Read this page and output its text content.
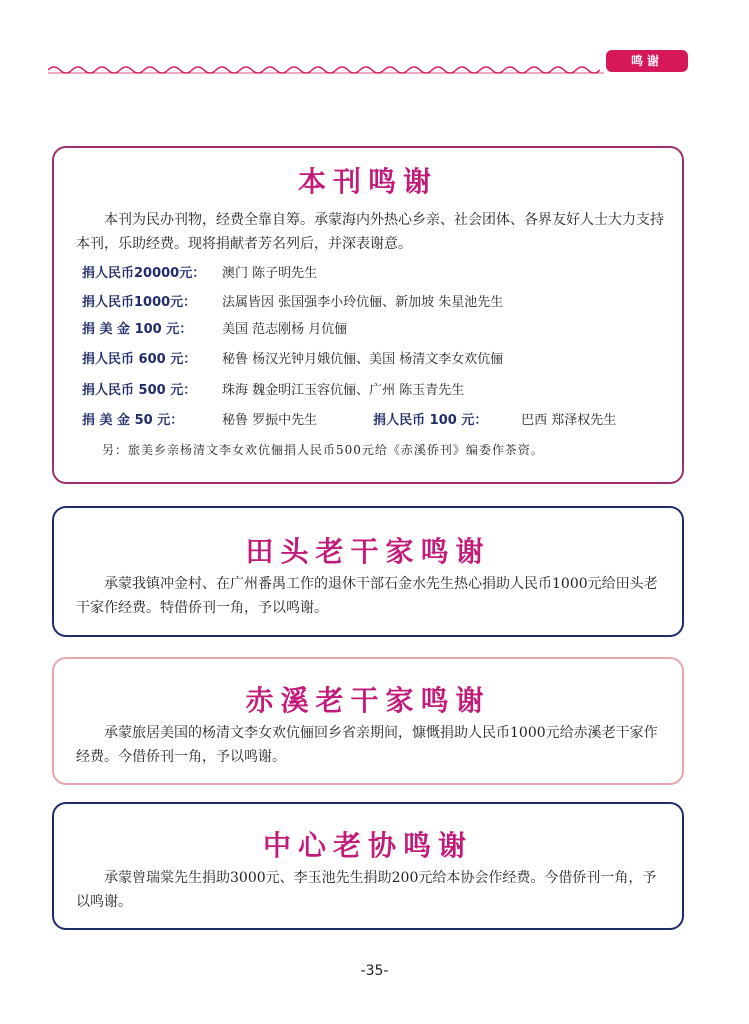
鸣谢
本刊鸣谢

本刊为民办刊物，经费全靠自筹。承蒙海内外热心乡亲、社会团体、各界友好人士大力支持本刊，乐助经费。现将捐献者芳名列后，并深表谢意。

捐人民币20000元： 澳门 陈子明先生
捐人民币1000元： 法属皆因 张国强李小玲伉俪、新加坡 朱星池先生
捐 美 金 100 元： 美国 范志刚杨 月伉俪
捐人民币 600 元： 秘鲁 杨汉光钟月娥伉俪、美国 杨清文李女欢伉俪
捐人民币 500 元： 珠海 魏金明江玉容伉俪、广州 陈玉青先生
捐 美 金 50 元：	秘鲁 罗振中先生	捐人民币 100 元：	巴西 郑泽权先生
另：旅美乡亲杨清文李女欢伉俪捐人民币500元给《赤溪侨刊》编委作茶资。
田头老干家鸣谢

承蒙我镇冲金村、在广州番禺工作的退休干部石金水先生热心捐助人民币1000元给田头老干家作经费。特借侨刊一角，予以鸣谢。

赤溪老干家鸣谢

承蒙旅居美国的杨清文李女欢伉俪回乡省亲期间，慷慨捐助人民币1000元给赤溪老干家作经费。今借侨刊一角，予以鸣谢。

中心老协鸣谢

承蒙曾瑞棠先生捐助3000元、李玉池先生捐助200元给本协会作经费。今借侨刊一角，予以鸣谢。

-35-
